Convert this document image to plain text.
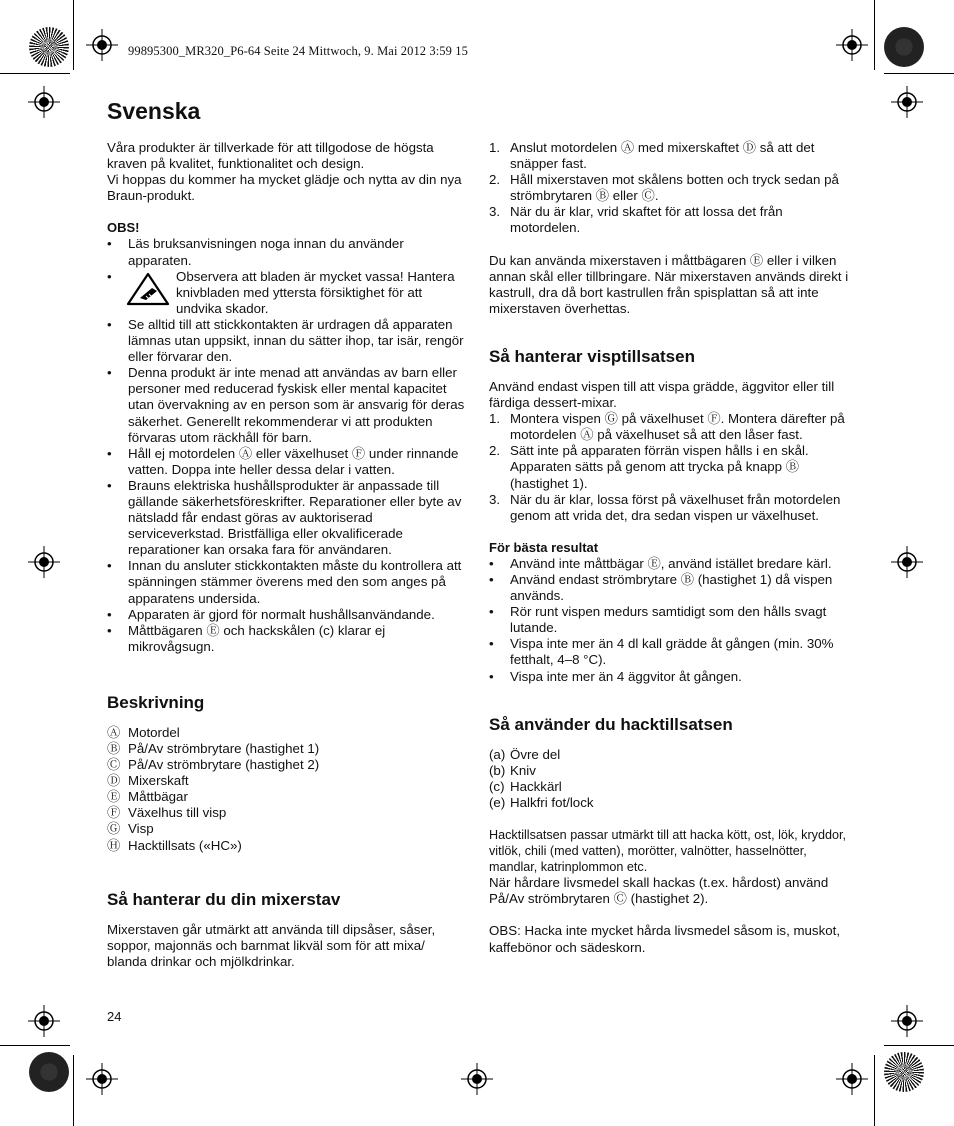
99895300_MR320_P6-64 Seite 24 Mittwoch, 9. Mai 2012 3:59 15
Svenska

Våra produkter är tillverkade för att tillgodose de högsta kraven på kvalitet, funktionalitet och design.

Vi hoppas du kommer ha mycket glädje och nytta av din nya Braun-produkt.

OBS!

• Läs bruksanvisningen noga innan du använder apparaten.
• Observera att bladen är mycket vassa! Hantera knivbladen med yttersta försiktighet för att undvika skador.
• Se alltid till att stickkontakten är urdragen då apparaten lämnas utan uppsikt, innan du sätter ihop, tar isär, rengör eller förvarar den.
• Denna produkt är inte menad att användas av barn eller personer med reducerad fyskisk eller mental kapacitet utan övervakning av en person som är ansvarig för deras säkerhet. Generellt rekommenderar vi att produkten förvaras utom räckhåll för barn.
• Håll ej motordelen Ⓐ eller växelhuset Ⓕ under rinnande vatten. Doppa inte heller dessa delar i vatten.
• Brauns elektriska hushållsprodukter är anpassade till gällande säkerhetsföreskrifter. Reparationer eller byte av nätsladd får endast göras av auktoriserad serviceverkstad. Bristfälliga eller okvalificerade reparationer kan orsaka fara för användaren.
• Innan du ansluter stickkontakten måste du kontrollera att spänningen stämmer överens med den som anges på apparatens undersida.
• Apparaten är gjord för normalt hushållsanvändande.
• Måttbägaren Ⓔ och hackskålen (c) klarar ej mikrovågsugn.
Beskrivning
Ⓐ Motordel
Ⓑ På/Av strömbrytare (hastighet 1)
Ⓒ På/Av strömbrytare (hastighet 2)
Ⓓ Mixerskaft
Ⓔ Måttbägar
Ⓕ Växelhus till visp
Ⓖ Visp
Ⓗ Hacktillsats («HC»)
Så hanterar du din mixerstav

Mixerstaven går utmärkt att använda till dipsåser, såser, soppor, majonnäs och barnmat likväl som för att mixa/ blanda drinkar och mjölkdrinkar.

1. Anslut motordelen Ⓐ med mixerskaftet Ⓓ så att det snäpper fast.
2. Håll mixerstaven mot skålens botten och tryck sedan på strömbrytaren Ⓑ eller Ⓒ.
3. När du är klar, vrid skaftet för att lossa det från motordelen.

Du kan använda mixerstaven i måttbägaren Ⓔ eller i vilken annan skål eller tillbringare. När mixerstaven används direkt i kastrull, dra då bort kastrullen från spisplattan så att inte mixerstaven överhettas.

Så hanterar visptillsatsen

Använd endast vispen till att vispa grädde, äggvitor eller till färdiga dessert-mixar.

1. Montera vispen Ⓖ på växelhuset Ⓕ. Montera därefter på motordelen Ⓐ på växelhuset så att den låser fast.
2. Sätt inte på apparaten förrän vispen hålls i en skål. Apparaten sätts på genom att trycka på knapp Ⓑ (hastighet 1).
3. När du är klar, lossa först på växelhuset från motordelen genom att vrida det, dra sedan vispen ur växelhuset.

För bästa resultat

• Använd inte måttbägar Ⓔ, använd istället bredare kärl.
• Använd endast strömbrytare Ⓑ (hastighet 1) då vispen används.
• Rör runt vispen medurs samtidigt som den hålls svagt lutande.
• Vispa inte mer än 4 dl kall grädde åt gången (min. 30% fetthalt, 4–8 °C).
• Vispa inte mer än 4 äggvitor åt gången.
Så använder du hacktillsatsen
(a) Övre del
(b) Kniv
(c) Hackkärl
(e) Halkfri fot/lock

Hacktillsatsen passar utmärkt till att hacka kött, ost, lök, kryddor, vitlök, chili (med vatten), morötter, valnötter, hasselnötter, mandlar, katrinplommon etc.

När hårdare livsmedel skall hackas (t.ex. hårdost) använd På/Av strömbrytaren Ⓒ (hastighet 2).

OBS: Hacka inte mycket hårda livsmedel såsom is, muskot, kaffebönor och sädeskorn.

24
